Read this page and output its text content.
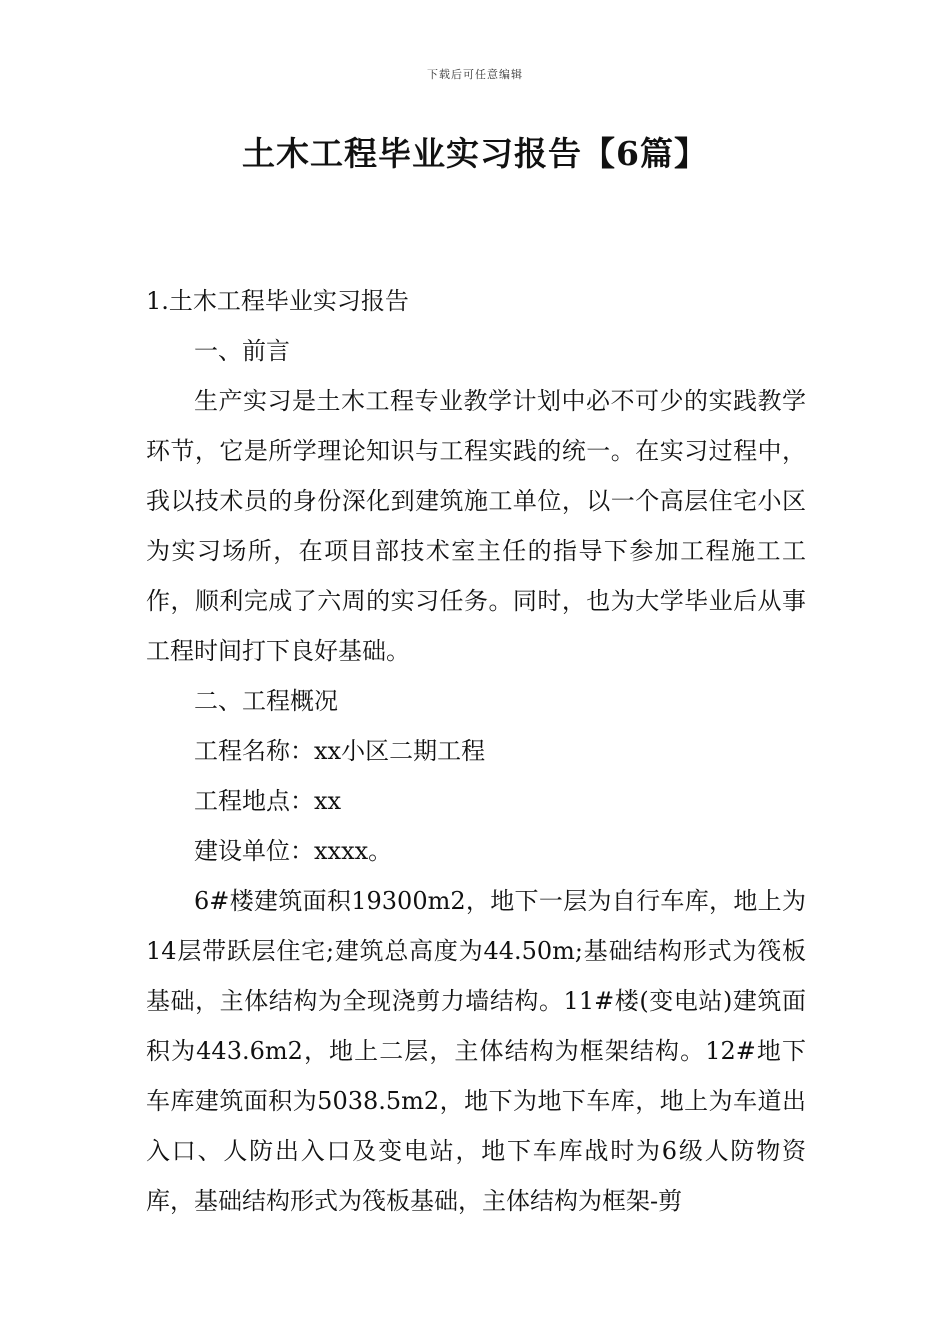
下载后可任意编辑
土木工程毕业实习报告【6篇】

1.土木工程毕业实习报告

一、前言

生产实习是土木工程专业教学计划中必不可少的实践教学环节，它是所学理论知识与工程实践的统一。在实习过程中，我以技术员的身份深化到建筑施工单位，以一个高层住宅小区为实习场所，在项目部技术室主任的指导下参加工程施工工作，顺利完成了六周的实习任务。同时，也为大学毕业后从事工程时间打下良好基础。

二、工程概况

工程名称：xx小区二期工程

工程地点：xx

建设单位：xxxx。

6#楼建筑面积19300m2，地下一层为自行车库，地上为14层带跃层住宅;建筑总高度为44.50m;基础结构形式为筏板基础，主体结构为全现浇剪力墙结构。11#楼(变电站)建筑面积为443.6m2，地上二层，主体结构为框架结构。12#地下车库建筑面积为5038.5m2，地下为地下车库，地上为车道出入口、人防出入口及变电站，地下车库战时为6级人防物资库，基础结构形式为筏板基础，主体结构为框架-剪
